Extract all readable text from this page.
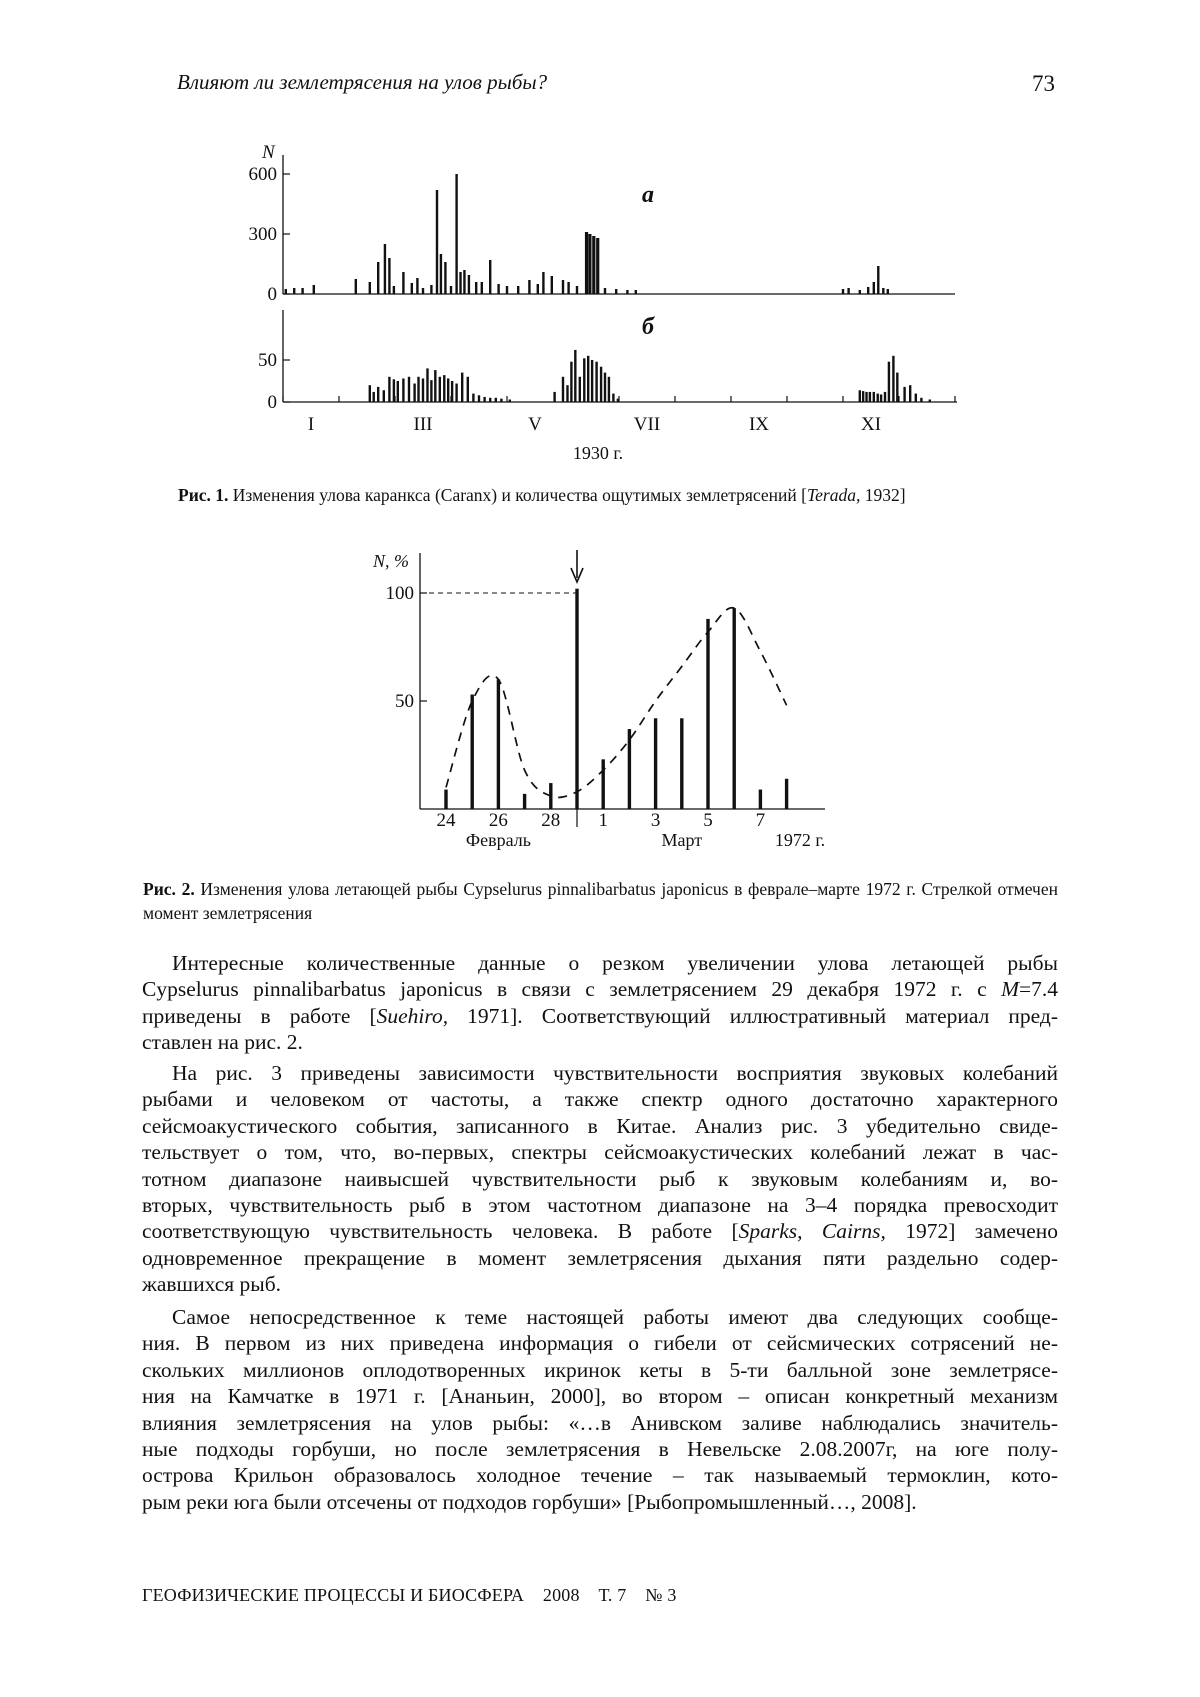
Влияют ли землетрясения на улов рыбы?	73
N
0
300
600
0
50
а
б
I	III	V	VII	IX	XI
1930 г.
Рис. 1. Изменения улова каранкса (Caranx) и количества ощутимых землетрясений [Terada, 1932]
N, %
50
100
24 26 28 1 3 5 7
Февраль	Март	1972 г.
Рис. 2. Изменения улова летающей рыбы Cypselurus pinnalibarbatus japonicus в феврале–марте 1972 г. Стрелкой отмечен момент землетрясения
Интересные количественные данные о резком увеличении улова летающей рыбы
Cypselurus pinnalibarbatus japonicus в связи с землетрясением 29 декабря 1972 г. с M=7.4
приведены в работе [Suehiro, 1971]. Соответствующий иллюстративный материал пред-
ставлен на рис. 2.
На рис. 3 приведены зависимости чувствительности восприятия звуковых колебаний
рыбами и человеком от частоты, а также спектр одного достаточно характерного
сейсмоакустического события, записанного в Китае. Анализ рис. 3 убедительно свиде-
тельствует о том, что, во-первых, спектры сейсмоакустических колебаний лежат в час-
тотном диапазоне наивысшей чувствительности рыб к звуковым колебаниям и, во-
вторых, чувствительность рыб в этом частотном диапазоне на 3–4 порядка превосходит
соответствующую чувствительность человека. В работе [Sparks, Cairns, 1972] замечено
одновременное прекращение в момент землетрясения дыхания пяти раздельно содер-
жавшихся рыб.
Самое непосредственное к теме настоящей работы имеют два следующих сообще-
ния. В первом из них приведена информация о гибели от сейсмических сотрясений не-
скольких миллионов оплодотворенных икринок кеты в 5-ти балльной зоне землетрясе-
ния на Камчатке в 1971 г. [Ананьин, 2000], во втором – описан конкретный механизм
влияния землетрясения на улов рыбы: «…в Анивском заливе наблюдались значитель-
ные подходы горбуши, но после землетрясения в Невельске 2.08.2007г, на юге полу-
острова Крильон образовалось холодное течение – так называемый термоклин, кото-
рым реки юга были отсечены от подходов горбуши» [Рыбопромышленный…, 2008].
ГЕОФИЗИЧЕСКИЕ ПРОЦЕССЫ И БИОСФЕРА    2008    Т. 7    № 3
